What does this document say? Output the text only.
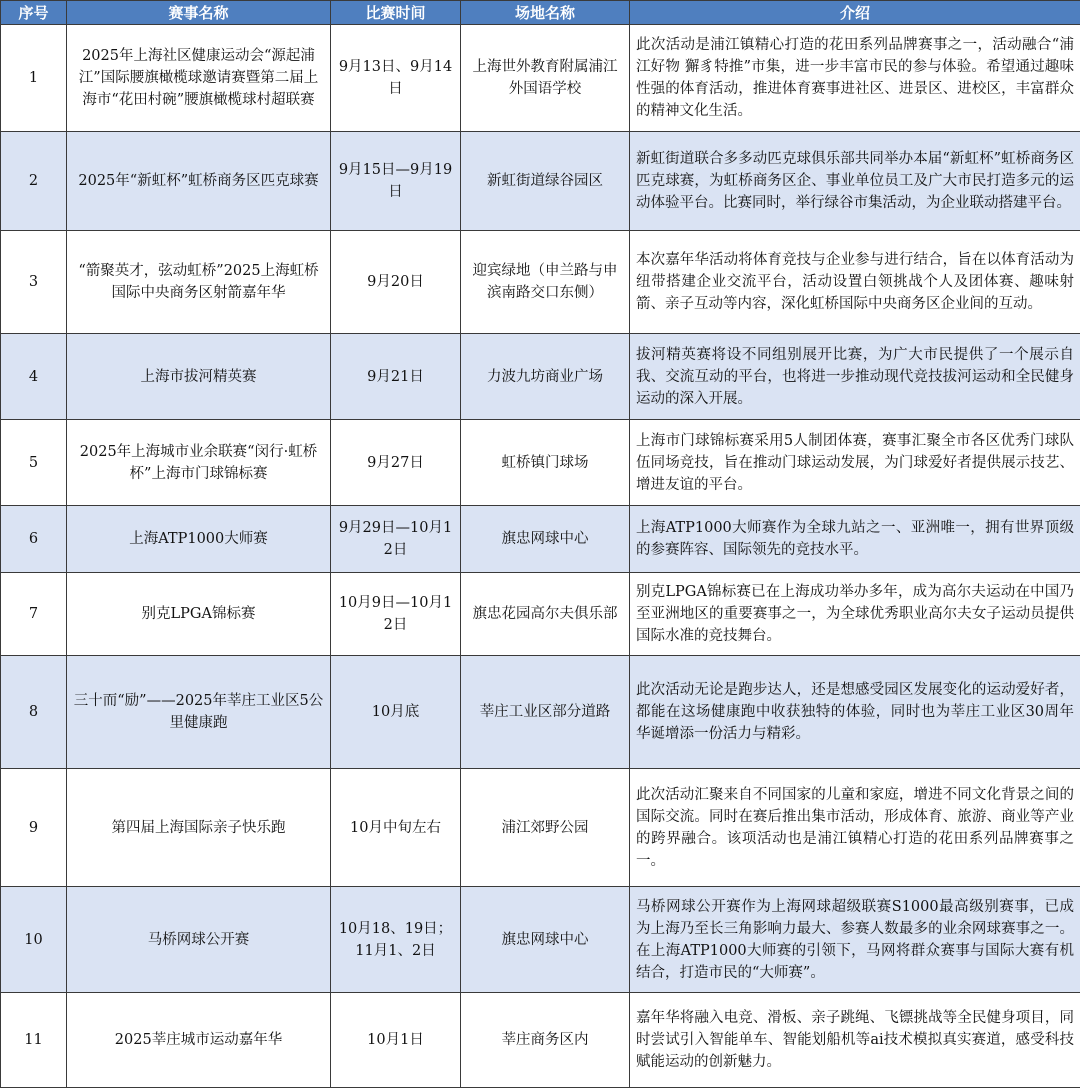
序号	赛事名称	比赛时间	场地名称	介绍
1	2025年上海社区健康运动会“源起浦江”国际腰旗橄榄球邀请赛暨第二届上海市“花田村碗”腰旗橄榄球村超联赛	9月13日、9月14日	上海世外教育附属浦江外国语学校	此次活动是浦江镇精心打造的花田系列品牌赛事之一，活动融合“浦江好物 獬豸特推”市集，进一步丰富市民的参与体验。希望通过趣味性强的体育活动，推进体育赛事进社区、进景区、进校区，丰富群众的精神文化生活。
2	2025年“新虹杯”虹桥商务区匹克球赛	9月15日—9月19日	新虹街道绿谷园区	新虹街道联合多多动匹克球俱乐部共同举办本届“新虹杯”虹桥商务区匹克球赛，为虹桥商务区企、事业单位员工及广大市民打造多元的运动体验平台。比赛同时，举行绿谷市集活动，为企业联动搭建平台。
3	“箭聚英才，弦动虹桥”2025上海虹桥国际中央商务区射箭嘉年华	9月20日	迎宾绿地（申兰路与申滨南路交口东侧）	本次嘉年华活动将体育竞技与企业参与进行结合，旨在以体育活动为纽带搭建企业交流平台，活动设置白领挑战个人及团体赛、趣味射箭、亲子互动等内容，深化虹桥国际中央商务区企业间的互动。
4	上海市拔河精英赛	9月21日	力波九坊商业广场	拔河精英赛将设不同组别展开比赛，为广大市民提供了一个展示自我、交流互动的平台，也将进一步推动现代竞技拔河运动和全民健身运动的深入开展。
5	2025年上海城市业余联赛“闵行·虹桥杯”上海市门球锦标赛	9月27日	虹桥镇门球场	上海市门球锦标赛采用5人制团体赛，赛事汇聚全市各区优秀门球队伍同场竞技，旨在推动门球运动发展，为门球爱好者提供展示技艺、增进友谊的平台。
6	上海ATP1000大师赛	9月29日—10月12日	旗忠网球中心	上海ATP1000大师赛作为全球九站之一、亚洲唯一，拥有世界顶级的参赛阵容、国际领先的竞技水平。
7	别克LPGA锦标赛	10月9日—10月12日	旗忠花园高尔夫俱乐部	别克LPGA锦标赛已在上海成功举办多年，成为高尔夫运动在中国乃至亚洲地区的重要赛事之一，为全球优秀职业高尔夫女子运动员提供国际水准的竞技舞台。
8	三十而“励”——2025年莘庄工业区5公里健康跑	10月底	莘庄工业区部分道路	此次活动无论是跑步达人，还是想感受园区发展变化的运动爱好者，都能在这场健康跑中收获独特的体验，同时也为莘庄工业区30周年华诞增添一份活力与精彩。
9	第四届上海国际亲子快乐跑	10月中旬左右	浦江郊野公园	此次活动汇聚来自不同国家的儿童和家庭，增进不同文化背景之间的国际交流。同时在赛后推出集市活动，形成体育、旅游、商业等产业的跨界融合。该项活动也是浦江镇精心打造的花田系列品牌赛事之一。
10	马桥网球公开赛	10月18、19日；11月1、2日	旗忠网球中心	马桥网球公开赛作为上海网球超级联赛S1000最高级别赛事，已成为上海乃至长三角影响力最大、参赛人数最多的业余网球赛事之一。在上海ATP1000大师赛的引领下，马网将群众赛事与国际大赛有机结合，打造市民的“大师赛”。
11	2025莘庄城市运动嘉年华	10月1日	莘庄商务区内	嘉年华将融入电竞、滑板、亲子跳绳、飞镖挑战等全民健身项目，同时尝试引入智能单车、智能划船机等ai技术模拟真实赛道，感受科技赋能运动的创新魅力。
